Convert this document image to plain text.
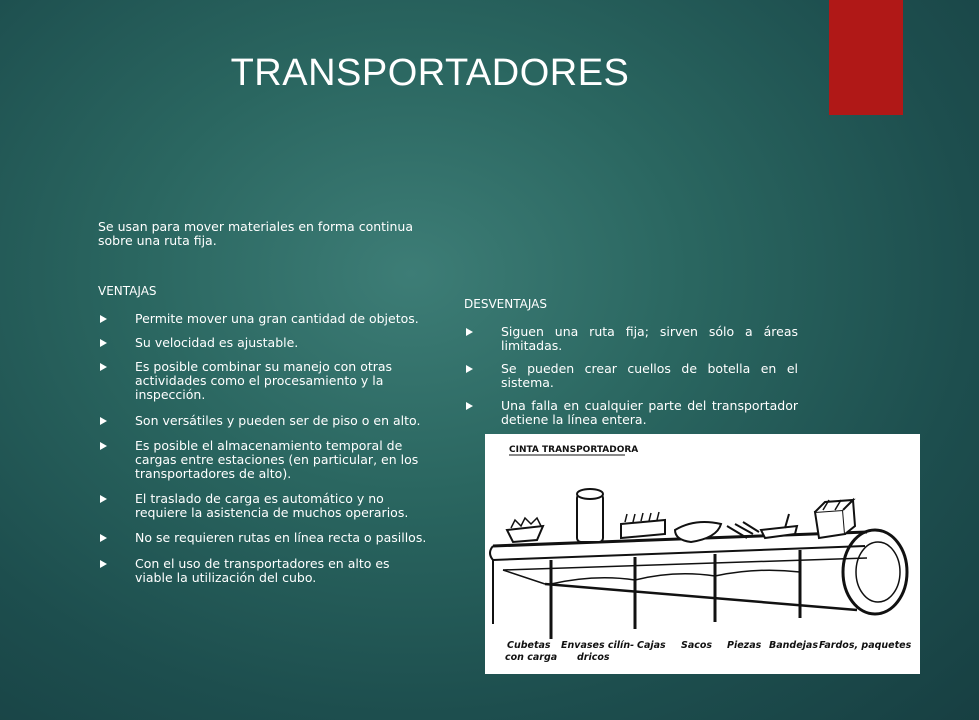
TRANSPORTADORES
Se usan para mover materiales en forma continua sobre una ruta fija.
VENTAJAS
Permite mover una gran cantidad de objetos.
Su velocidad es ajustable.
Es posible combinar su manejo con otras actividades como el procesamiento y la inspección.
Son versátiles y pueden ser de piso o en alto.
Es posible el almacenamiento temporal de cargas entre estaciones (en particular, en los transportadores de alto).
El traslado de carga es automático y no requiere la asistencia de muchos operarios.
No se requieren rutas en línea recta o pasillos.
Con el uso de transportadores en alto es viable la utilización del cubo.
DESVENTAJAS
Siguen una ruta fija; sirven sólo a áreas limitadas.
Se pueden crear cuellos de botella en el sistema.
Una falla en cualquier parte del transportador detiene la línea entera.
CINTA TRANSPORTADORA
Cubetas
con carga
Envases cilín-
dricos
Cajas Sacos Piezas Bandejas Fardos, paquetes
